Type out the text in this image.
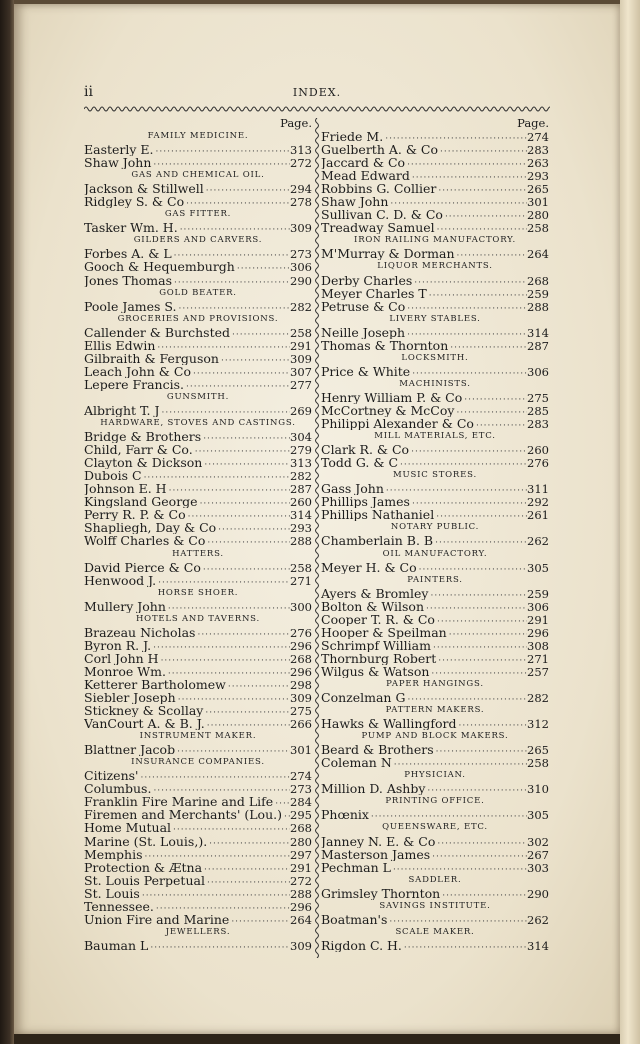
ii	INDEX.
Page.
FAMILY MEDICINE.
Easterly E. ·····	313
Shaw John ·····	272
GAS AND CHEMICAL OIL.
Jackson & Stillwell ·····	294
Ridgley S. & Co ·····	278
GAS FITTER.
Tasker Wm. H. ·····	309
GILDERS AND CARVERS.
Forbes A. & L ·····	273
Gooch & Hequemburgh ·····	306
Jones Thomas ·····	290
GOLD BEATER.
Poole James S. ·····	282
GROCERIES AND PROVISIONS.
Callender & Burchsted ·····	258
Ellis Edwin ·····	291
Gilbraith & Ferguson ·····	309
Leach John & Co ·····	307
Lepere Francis. ·····	277
GUNSMITH.
Albright T. J ·····	269
HARDWARE, STOVES AND CASTINGS.
Bridge & Brothers ·····	304
Child, Farr & Co. ·····	279
Clayton & Dickson ·····	313
Dubois C ·····	282
Johnson E. H ·····	287
Kingsland George ·····	260
Perry R. P. & Co ·····	314
Shapliegh, Day & Co ·····	293
Wolff Charles & Co ·····	288
HATTERS.
David Pierce & Co ·····	258
Henwood J. ·····	271
HORSE SHOER.
Mullery John ·····	300
HOTELS AND TAVERNS.
Brazeau Nicholas ·····	276
Byron R. J. ·····	296
Corl John H ·····	268
Monroe Wm. ·····	296
Ketterer Bartholomew ·····	298
Siebler Joseph ·····	309
Stickney & Scollay ·····	275
VanCourt A. & B. J. ·····	266
INSTRUMENT MAKER.
Blattner Jacob ·····	301
INSURANCE COMPANIES.
Citizens' ·····	274
Columbus. ·····	273
Franklin Fire Marine and Life ····· 284
Firemen and Merchants' (Lou.) ····· 295
Home Mutual ·····	268
Marine (St. Louis,). ·····	280
Memphis ·····	297
Protection & Ætna ·····	291
St. Louis Perpetual ·····	272
St. Louis ·····	288
Tennessee. ·····	296
Union Fire and Marine ·····	264
JEWELLERS.
Bauman L ·····	309
Page.
Friede M. ·····	274
Guelberth A. & Co ·····	283
Jaccard & Co ·····	263
Mead Edward ·····	293
Robbins G. Collier ·····	265
Shaw John ·····	301
Sullivan C. D. & Co ·····	280
Treadway Samuel ·····	258
IRON RAILING MANUFACTORY.
M'Murray & Dorman ·····	264
LIQUOR MERCHANTS.
Derby Charles ·····	268
Meyer Charles T ·····	259
Petruse & Co ·····	288
LIVERY STABLES.
Neille Joseph ·····	314
Thomas & Thornton ·····	287
LOCKSMITH.
Price & White ·····	306
MACHINISTS.
Henry William P. & Co ·····	275
McCortney & McCoy ·····	285
Philippi Alexander & Co ·····	283
MILL MATERIALS, ETC.
Clark R. & Co ·····	260
Todd G. & C ·····	276
MUSIC STORES.
Gass John ·····	311
Phillips James ·····	292
Phillips Nathaniel ·····	261
NOTARY PUBLIC.
Chamberlain B. B ·····	262
OIL MANUFACTORY.
Meyer H. & Co ·····	305
PAINTERS.
Ayers & Bromley ·····	259
Bolton & Wilson ·····	306
Cooper T. R. & Co ·····	291
Hooper & Speilman ·····	296
Schrimpf William ·····	308
Thornburg Robert ·····	271
Wilgus & Watson ·····	257
PAPER HANGINGS.
Conzelman G ·····	282
PATTERN MAKERS.
Hawks & Wallingford ·····	312
PUMP AND BLOCK MAKERS.
Beard & Brothers ·····	265
Coleman N ·····	258
PHYSICIAN.
Million D. Ashby ·····	310
PRINTING OFFICE.
Phœnix ·····	305
QUEENSWARE, ETC.
Janney N. E. & Co ·····	302
Masterson James ·····	267
Pechman L ·····	303
SADDLER.
Grimsley Thornton ·····	290
SAVINGS INSTITUTE.
Boatman's ·····	262
SCALE MAKER.
Rigdon C. H. ·····	314
